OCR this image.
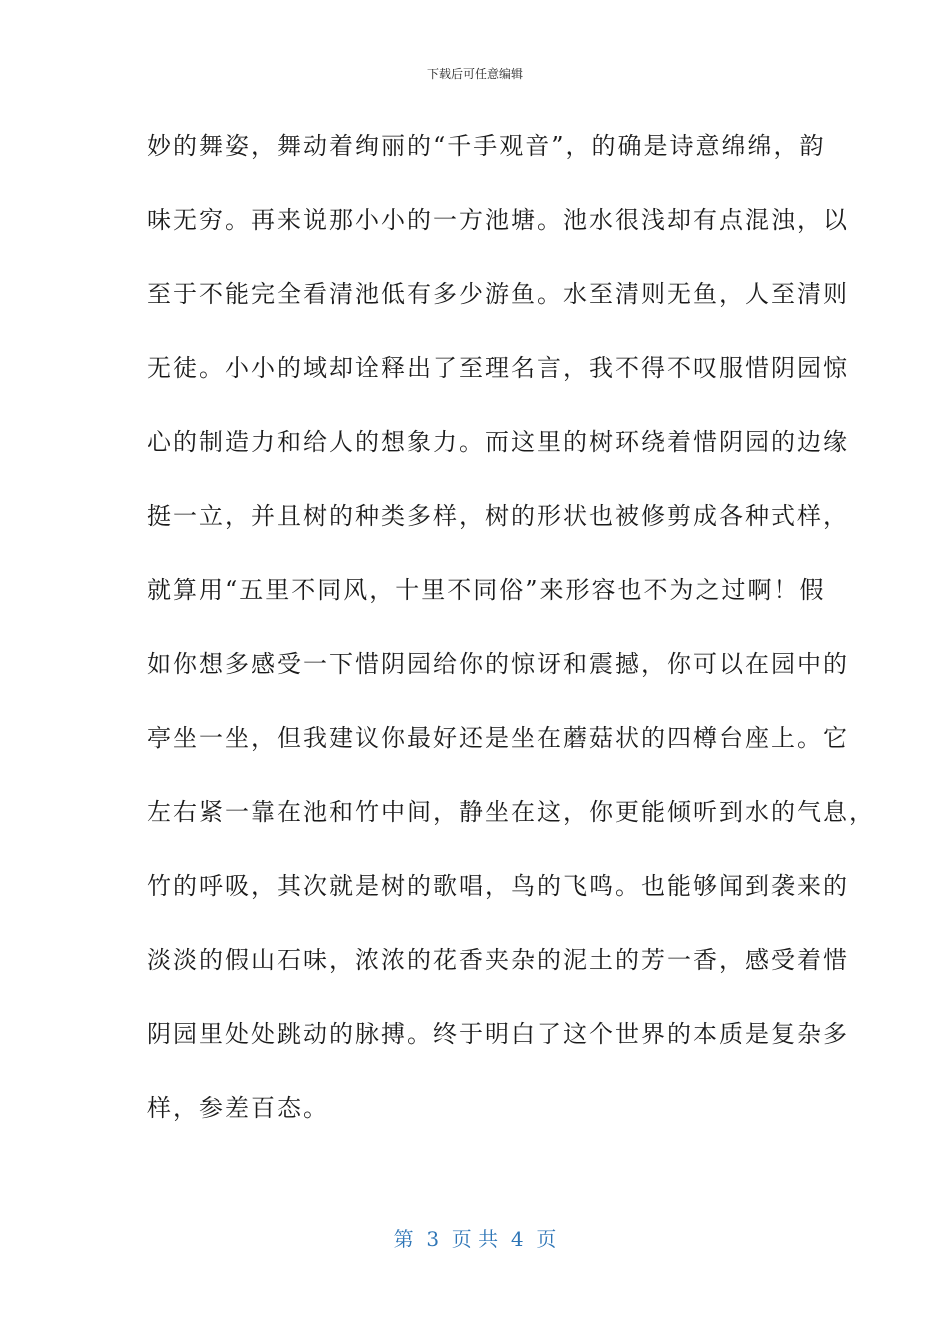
下载后可任意编辑
妙的舞姿，舞动着绚丽的“千手观音”，的确是诗意绵绵，韵
味无穷。再来说那小小的一方池塘。池水很浅却有点混浊，以
至于不能完全看清池低有多少游鱼。水至清则无鱼，人至清则
无徒。小小的域却诠释出了至理名言，我不得不叹服惜阴园惊
心的制造力和给人的想象力。而这里的树环绕着惜阴园的边缘
挺一立，并且树的种类多样，树的形状也被修剪成各种式样，
就算用“五里不同风，十里不同俗”来形容也不为之过啊！假
如你想多感受一下惜阴园给你的惊讶和震撼，你可以在园中的
亭坐一坐，但我建议你最好还是坐在蘑菇状的四樽台座上。它
左右紧一靠在池和竹中间，静坐在这，你更能倾听到水的气息，
竹的呼吸，其次就是树的歌唱，鸟的飞鸣。也能够闻到袭来的
淡淡的假山石味，浓浓的花香夹杂的泥土的芳一香，感受着惜
阴园里处处跳动的脉搏。终于明白了这个世界的本质是复杂多
样，参差百态。
第  3  页 共  4  页
